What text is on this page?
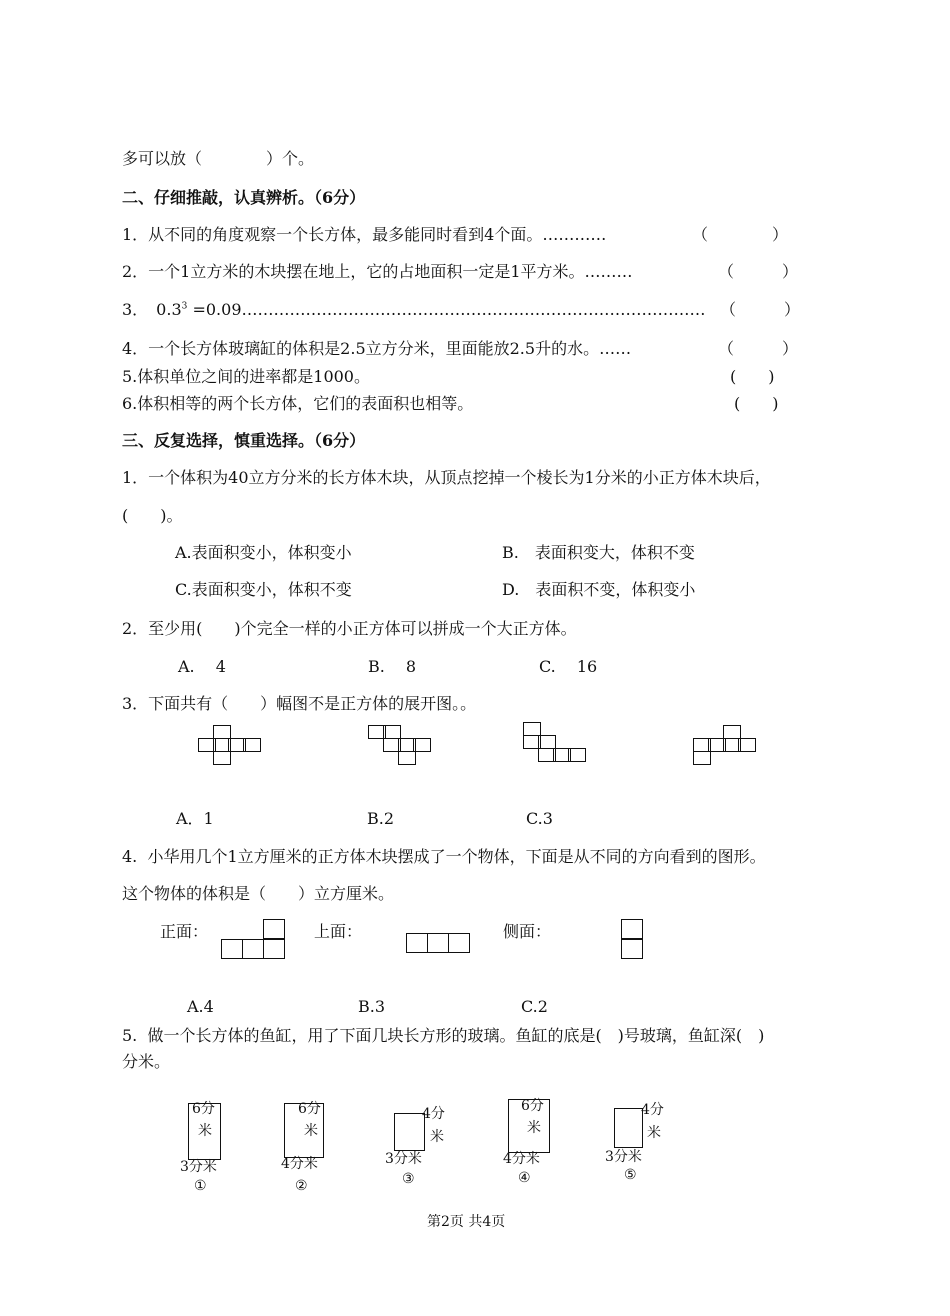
多可以放（　　　　）个。
二、仔细推敲，认真辨析。（6分）
1．从不同的角度观察一个长方体，最多能同时看到4个面。…………	（　　　　）
2．一个1立方米的木块摆在地上，它的占地面积一定是1平方米。………	（　　　）
3．　$0.3^3$ =0.09…………………………………………………………………………… （　　　）
4．一个长方体玻璃缸的体积是2.5立方分米，里面能放2.5升的水。……	（　　　）
5.体积单位之间的进率都是1000。	(　　)
6.体积相等的两个长方体，它们的表面积也相等。	(　　)
三、反复选择，慎重选择。（6分）
1．一个体积为40立方分米的长方体木块，从顶点挖掉一个棱长为1分米的小正方体木块后，
(　　)。
A.表面积变小，体积变小	B.　表面积变大，体积不变
C.表面积变小，体积不变	D.　表面积不变，体积变小
2．至少用(　　)个完全一样的小正方体可以拼成一个大正方体。
A.　 4	B.　 8	C.　 16
3．下面共有（　　）幅图不是正方体的展开图。。
A．1	B.2	C.3
4.  小华用几个1立方厘米的正方体木块摆成了一个物体，下面是从不同的方向看到的图形。
这个物体的体积是（　　）立方厘米。
正面：	上面：	侧面：
A.4	B.3	C.2
5.  做一个长方体的鱼缸，用了下面几块长方形的玻璃。鱼缸的底是(　)号玻璃，鱼缸深(　)
分米。
6分
米
3分米
①
6分
米
4分米
②
4分
米
3分米
③
6分
米
4分米
④
4分
米
3分米
⑤
第2页 共4页
